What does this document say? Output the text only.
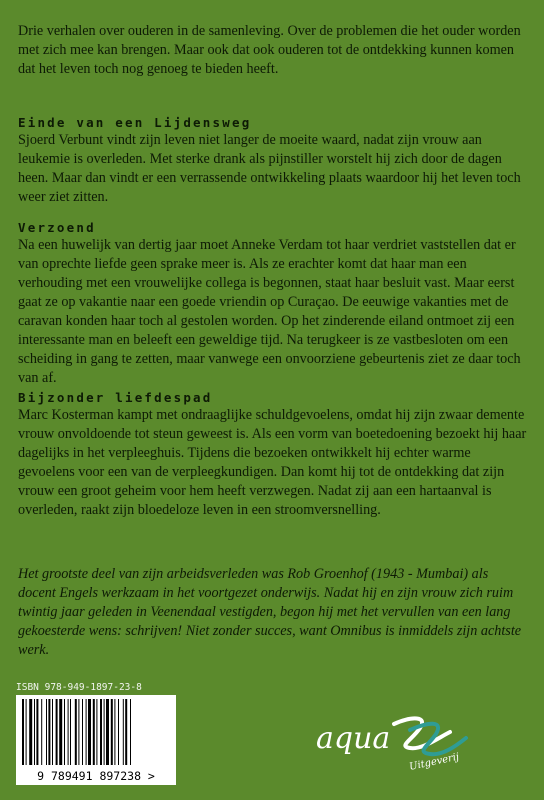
Drie verhalen over ouderen in de samenleving. Over de problemen die het ouder worden met zich mee kan brengen. Maar ook dat ook ouderen tot de ontdekking kunnen komen dat het leven toch nog genoeg te bieden heeft.

Einde van een Lijdensweg

Sjoerd Verbunt vindt zijn leven niet langer de moeite waard, nadat zijn vrouw aan leukemie is overleden. Met sterke drank als pijnstiller worstelt hij zich door de dagen heen. Maar dan vindt er een verrassende ontwikkeling plaats waardoor hij het leven toch weer ziet zitten.

Verzoend

Na een huwelijk van dertig jaar moet Anneke Verdam tot haar verdriet vaststellen dat er van oprechte liefde geen sprake meer is. Als ze erachter komt dat haar man een verhouding met een vrouwelijke collega is begonnen, staat haar besluit vast. Maar eerst gaat ze op vakantie naar een goede vriendin op Curaçao. De eeuwige vakanties met de caravan konden haar toch al gestolen worden. Op het zinderende eiland ontmoet zij een interessante man en beleeft een geweldige tijd. Na terugkeer is ze vastbesloten om een scheiding in gang te zetten, maar vanwege een onvoorziene gebeurtenis ziet ze daar toch van af.

Bijzonder liefdespad

Marc Kosterman kampt met ondraaglijke schuldgevoelens, omdat hij zijn zwaar demente vrouw onvoldoende tot steun geweest is. Als een vorm van boetedoening bezoekt hij haar dagelijks in het verpleeghuis. Tijdens die bezoeken ontwikkelt hij echter warme gevoelens voor een van de verpleegkundigen. Dan komt hij tot de ontdekking dat zijn vrouw een groot geheim voor hem heeft verzwegen. Nadat zij aan een hartaanval is overleden, raakt zijn bloedeloze leven in een stroomversnelling.

Het grootste deel van zijn arbeidsverleden was Rob Groenhof (1943 - Mumbai) als docent Engels werkzaam in het voortgezet onderwijs. Nadat hij en zijn vrouw zich ruim twintig jaar geleden in Veenendaal vestigden, begon hij met het vervullen van een lang gekoesterde wens: schrijven! Niet zonder succes, want Omnibus is inmiddels zijn achtste werk.

ISBN 978-949-1897-23-8
9 789491 897238 >
aqua
Uitgeverij
